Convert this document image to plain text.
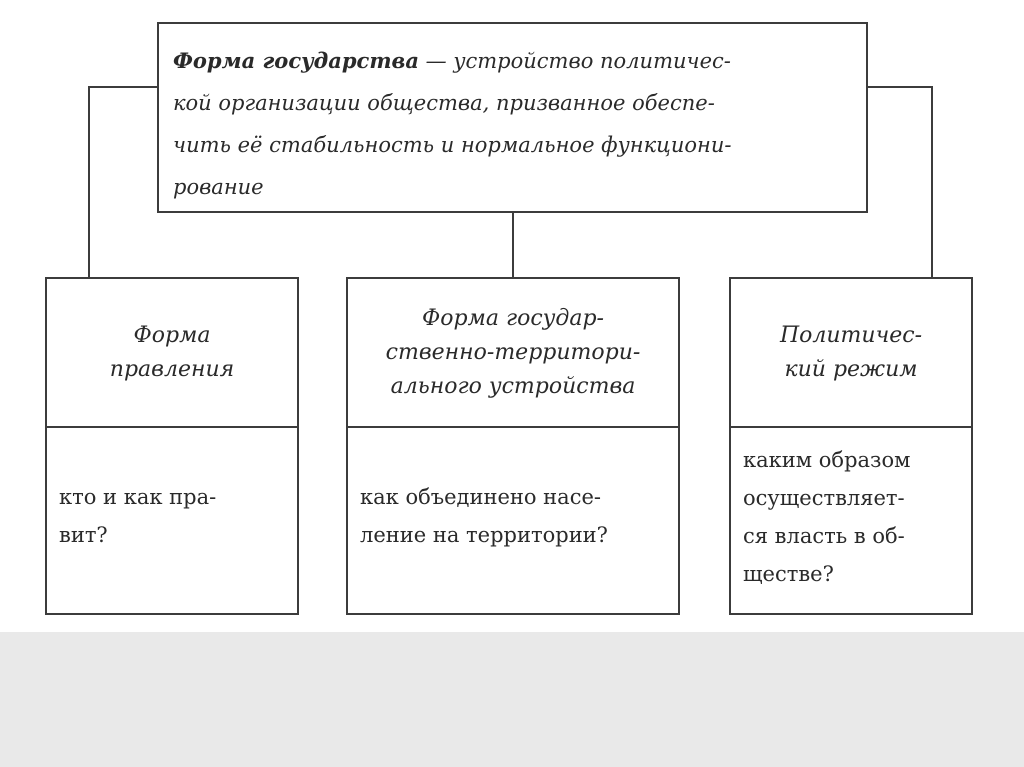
Форма государства — устройство политичес-
кой организации общества, призванное обеспе-
чить её стабильность и нормальное функциони-
рование
Форма
правления
кто и как пра-
вит?
Форма государ-
ственно-территори-
ального устройства
как объединено насе-
ление на территории?
Политичес-
кий режим
каким образом
осуществляет-
ся власть в об-
ществе?
